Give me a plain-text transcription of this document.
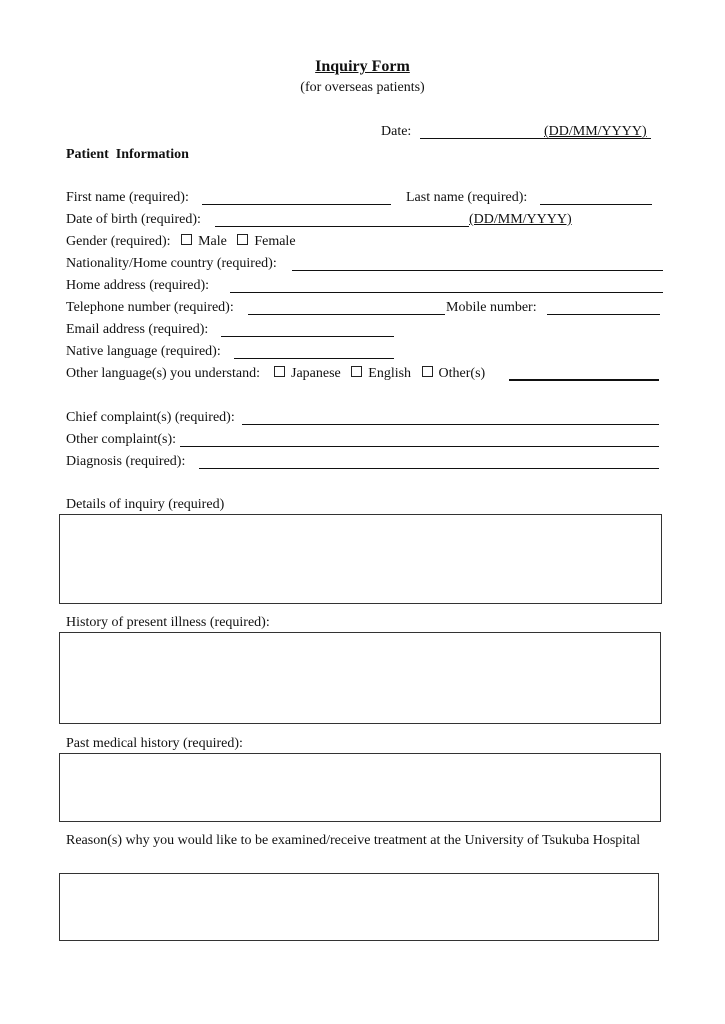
Inquiry Form
(for overseas patients)
Date:	(DD/MM/YYYY)
Patient  Information
First name (required):	Last name (required):
Date of birth (required):	(DD/MM/YYYY)
Gender (required): Male Female
Nationality/Home country (required):
Home address (required):
Telephone number (required):	Mobile number:
Email address (required):
Native language (required):
Other language(s) you understand: Japanese English Other(s)
Chief complaint(s) (required):
Other complaint(s):
Diagnosis (required):
Details of inquiry (required)
History of present illness (required):
Past medical history (required):
Reason(s) why you would like to be examined/receive treatment at the University of Tsukuba Hospital
